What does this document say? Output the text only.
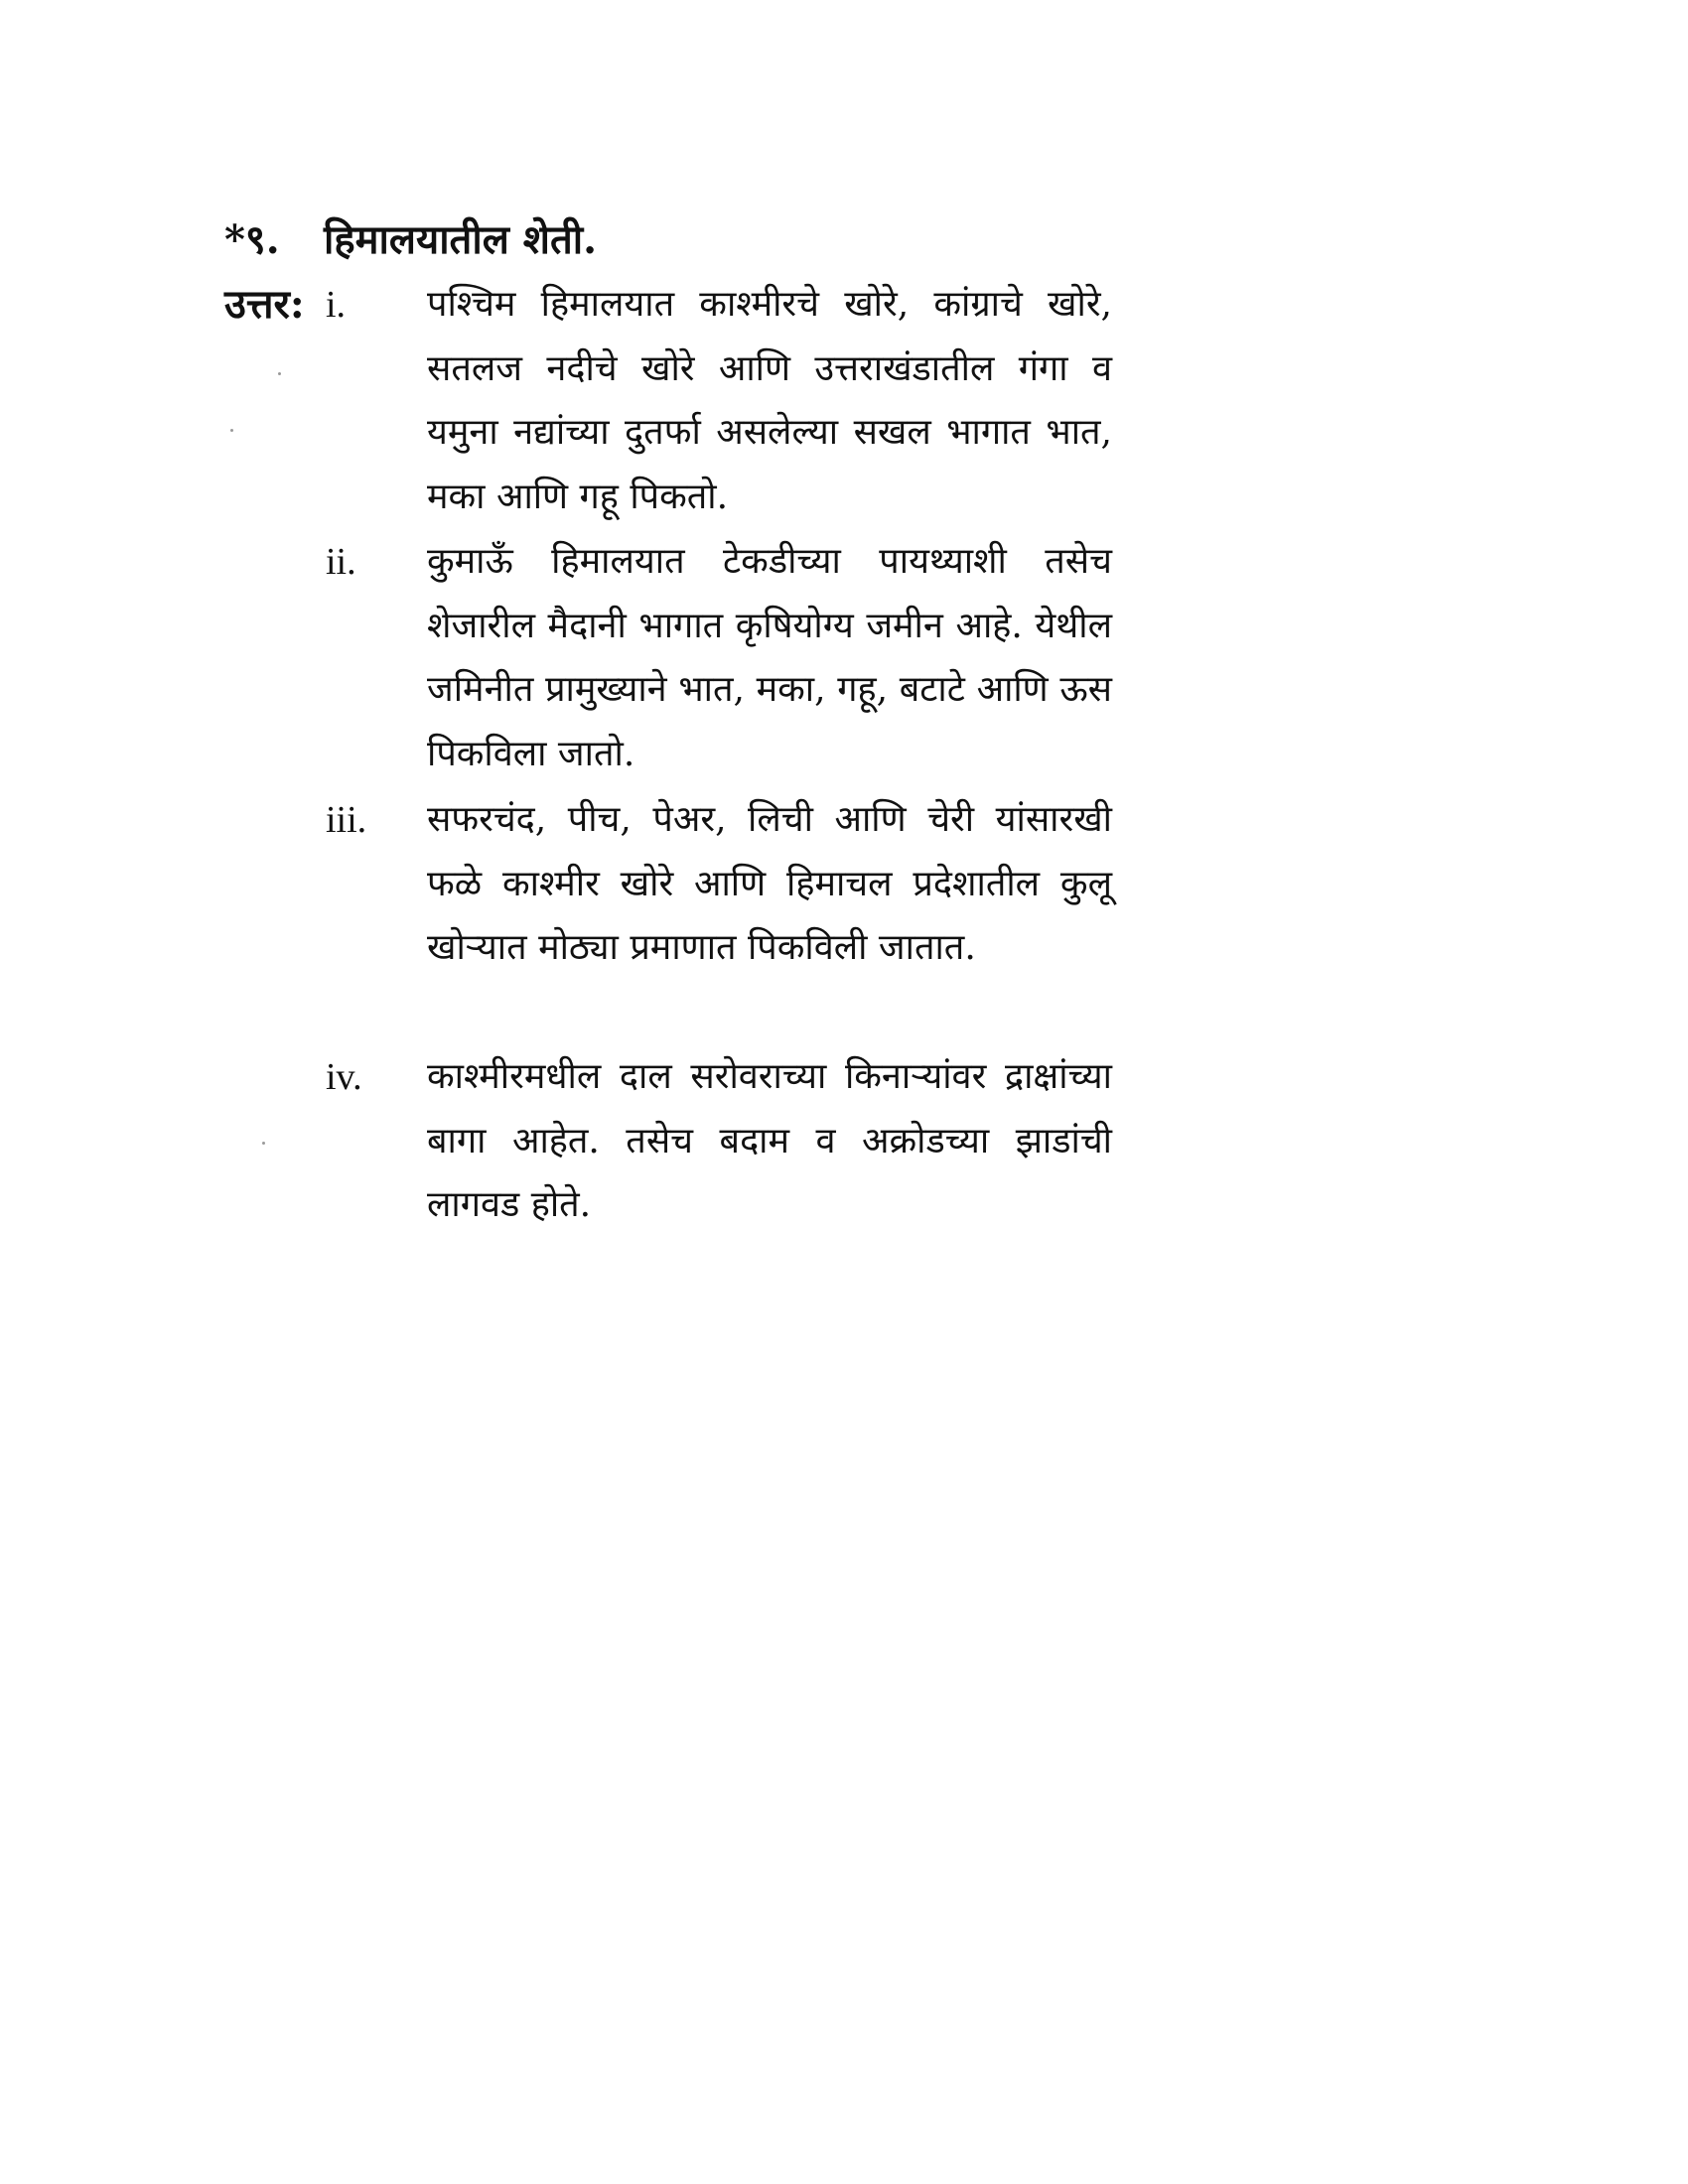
*९. हिमालयातील शेती.
उत्तर: i. पश्चिम हिमालयात काश्मीरचे खोरे, कांग्राचे खोरे, सतलज नदीचे खोरे आणि उत्तराखंडातील गंगा व यमुना नद्यांच्या दुतर्फा असलेल्या सखल भागात भात, मका आणि गहू पिकतो.
ii. कुमाऊँ हिमालयात टेकडीच्या पायथ्याशी तसेच शेजारील मैदानी भागात कृषियोग्य जमीन आहे. येथील जमिनीत प्रामुख्याने भात, मका, गहू, बटाटे आणि ऊस पिकविला जातो.
iii. सफरचंद, पीच, पेअर, लिची आणि चेरी यांसारखी फळे काश्मीर खोरे आणि हिमाचल प्रदेशातील कुलू खोऱ्यात मोठ्या प्रमाणात पिकविली जातात.
iv. काश्मीरमधील दाल सरोवराच्या किनाऱ्यांवर द्राक्षांच्या बागा आहेत. तसेच बदाम व अक्रोडच्या झाडांची लागवड होते.
